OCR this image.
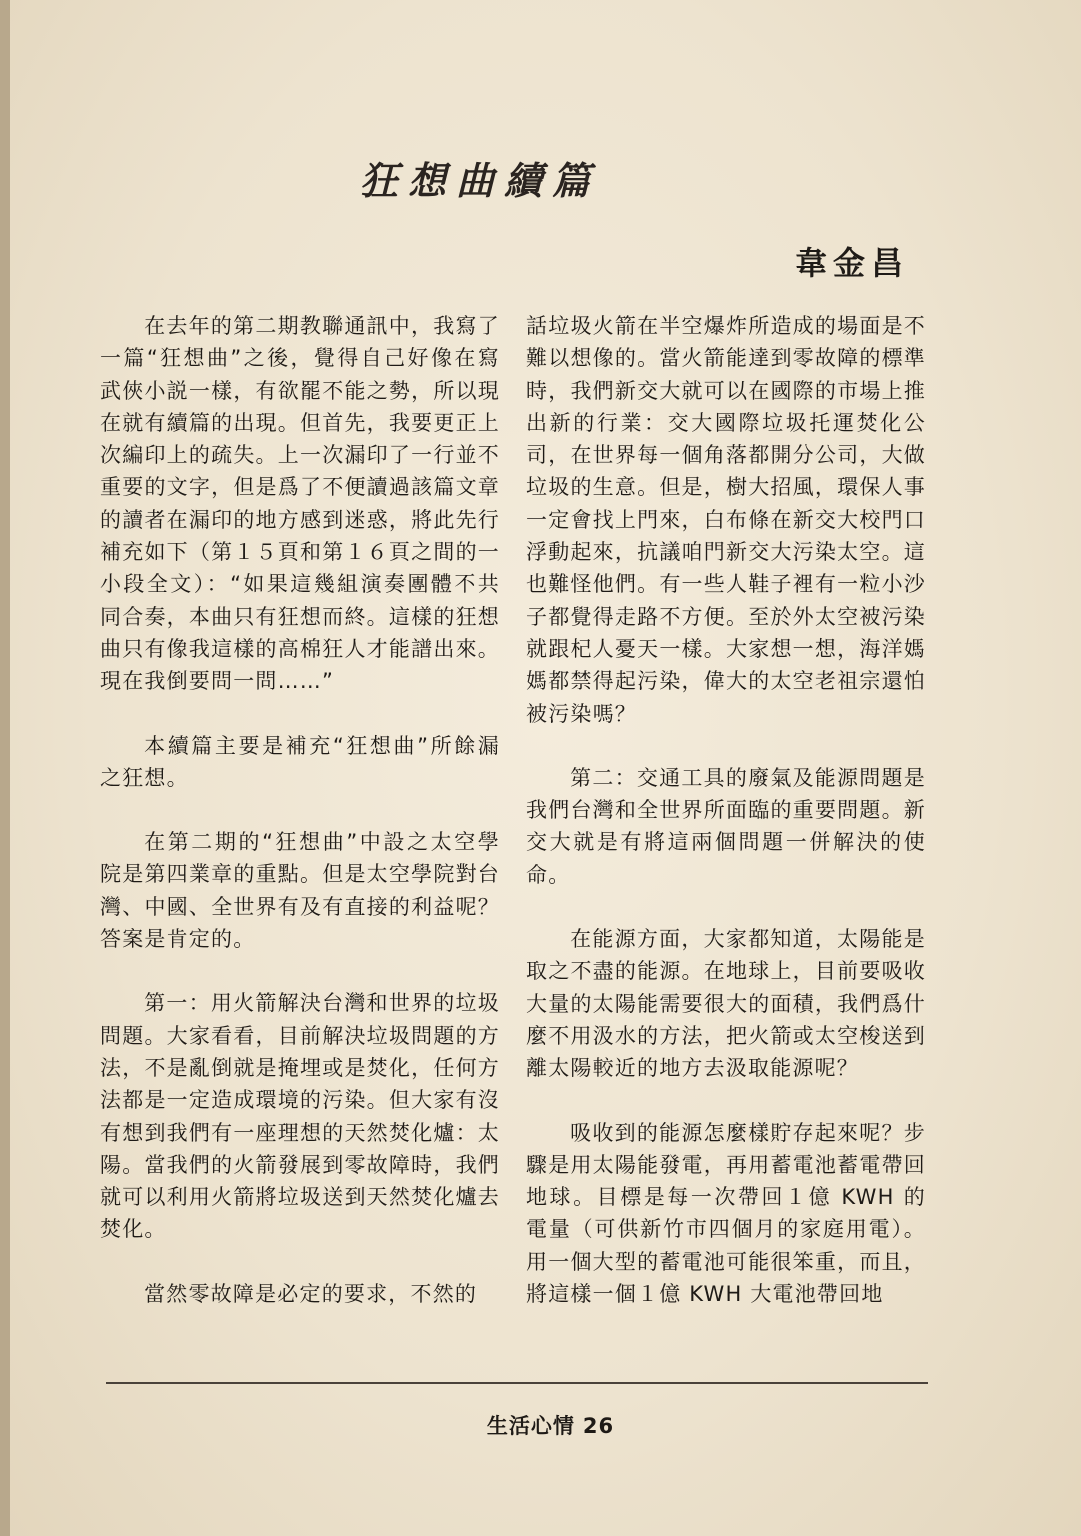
狂想曲續篇
韋金昌

在去年的第二期教聯通訊中，我寫了一篇“狂想曲”之後，覺得自己好像在寫武俠小説一樣，有欲罷不能之勢，所以現在就有續篇的出現。但首先，我要更正上次編印上的疏失。上一次漏印了一行並不重要的文字，但是爲了不便讀過該篇文章的讀者在漏印的地方感到迷惑，將此先行補充如下（第１５頁和第１６頁之間的一小段全文）：“如果這幾組演奏團體不共同合奏，本曲只有狂想而終。這樣的狂想曲只有像我這樣的高棉狂人才能譜出來。現在我倒要問一問……”

本續篇主要是補充“狂想曲”所餘漏之狂想。

在第二期的“狂想曲”中設之太空學院是第四業章的重點。但是太空學院對台灣、中國、全世界有及有直接的利益呢？答案是肯定的。

第一：用火箭解決台灣和世界的垃圾問題。大家看看，目前解決垃圾問題的方法，不是亂倒就是掩埋或是焚化，任何方法都是一定造成環境的污染。但大家有沒有想到我們有一座理想的天然焚化爐：太陽。當我們的火箭發展到零故障時，我們就可以利用火箭將垃圾送到天然焚化爐去焚化。

當然零故障是必定的要求，不然的

話垃圾火箭在半空爆炸所造成的場面是不難以想像的。當火箭能達到零故障的標準時，我們新交大就可以在國際的市場上推出新的行業：交大國際垃圾托運焚化公司，在世界每一個角落都開分公司，大做垃圾的生意。但是，樹大招風，環保人事一定會找上門來，白布條在新交大校門口浮動起來，抗議咱門新交大污染太空。這也難怪他們。有一些人鞋子裡有一粒小沙子都覺得走路不方便。至於外太空被污染就跟杞人憂天一樣。大家想一想，海洋媽媽都禁得起污染，偉大的太空老祖宗還怕被污染嗎？

第二：交通工具的廢氣及能源問題是我們台灣和全世界所面臨的重要問題。新交大就是有將這兩個問題一併解決的使命。

在能源方面，大家都知道，太陽能是取之不盡的能源。在地球上，目前要吸收大量的太陽能需要很大的面積，我們爲什麼不用汲水的方法，把火箭或太空梭送到離太陽較近的地方去汲取能源呢？

吸收到的能源怎麼樣貯存起來呢？步驟是用太陽能發電，再用蓄電池蓄電帶回地球。目標是每一次帶回１億 KWH 的電量（可供新竹市四個月的家庭用電）。用一個大型的蓄電池可能很笨重，而且，將這樣一個１億 KWH 大電池帶回地

生活心情 26
